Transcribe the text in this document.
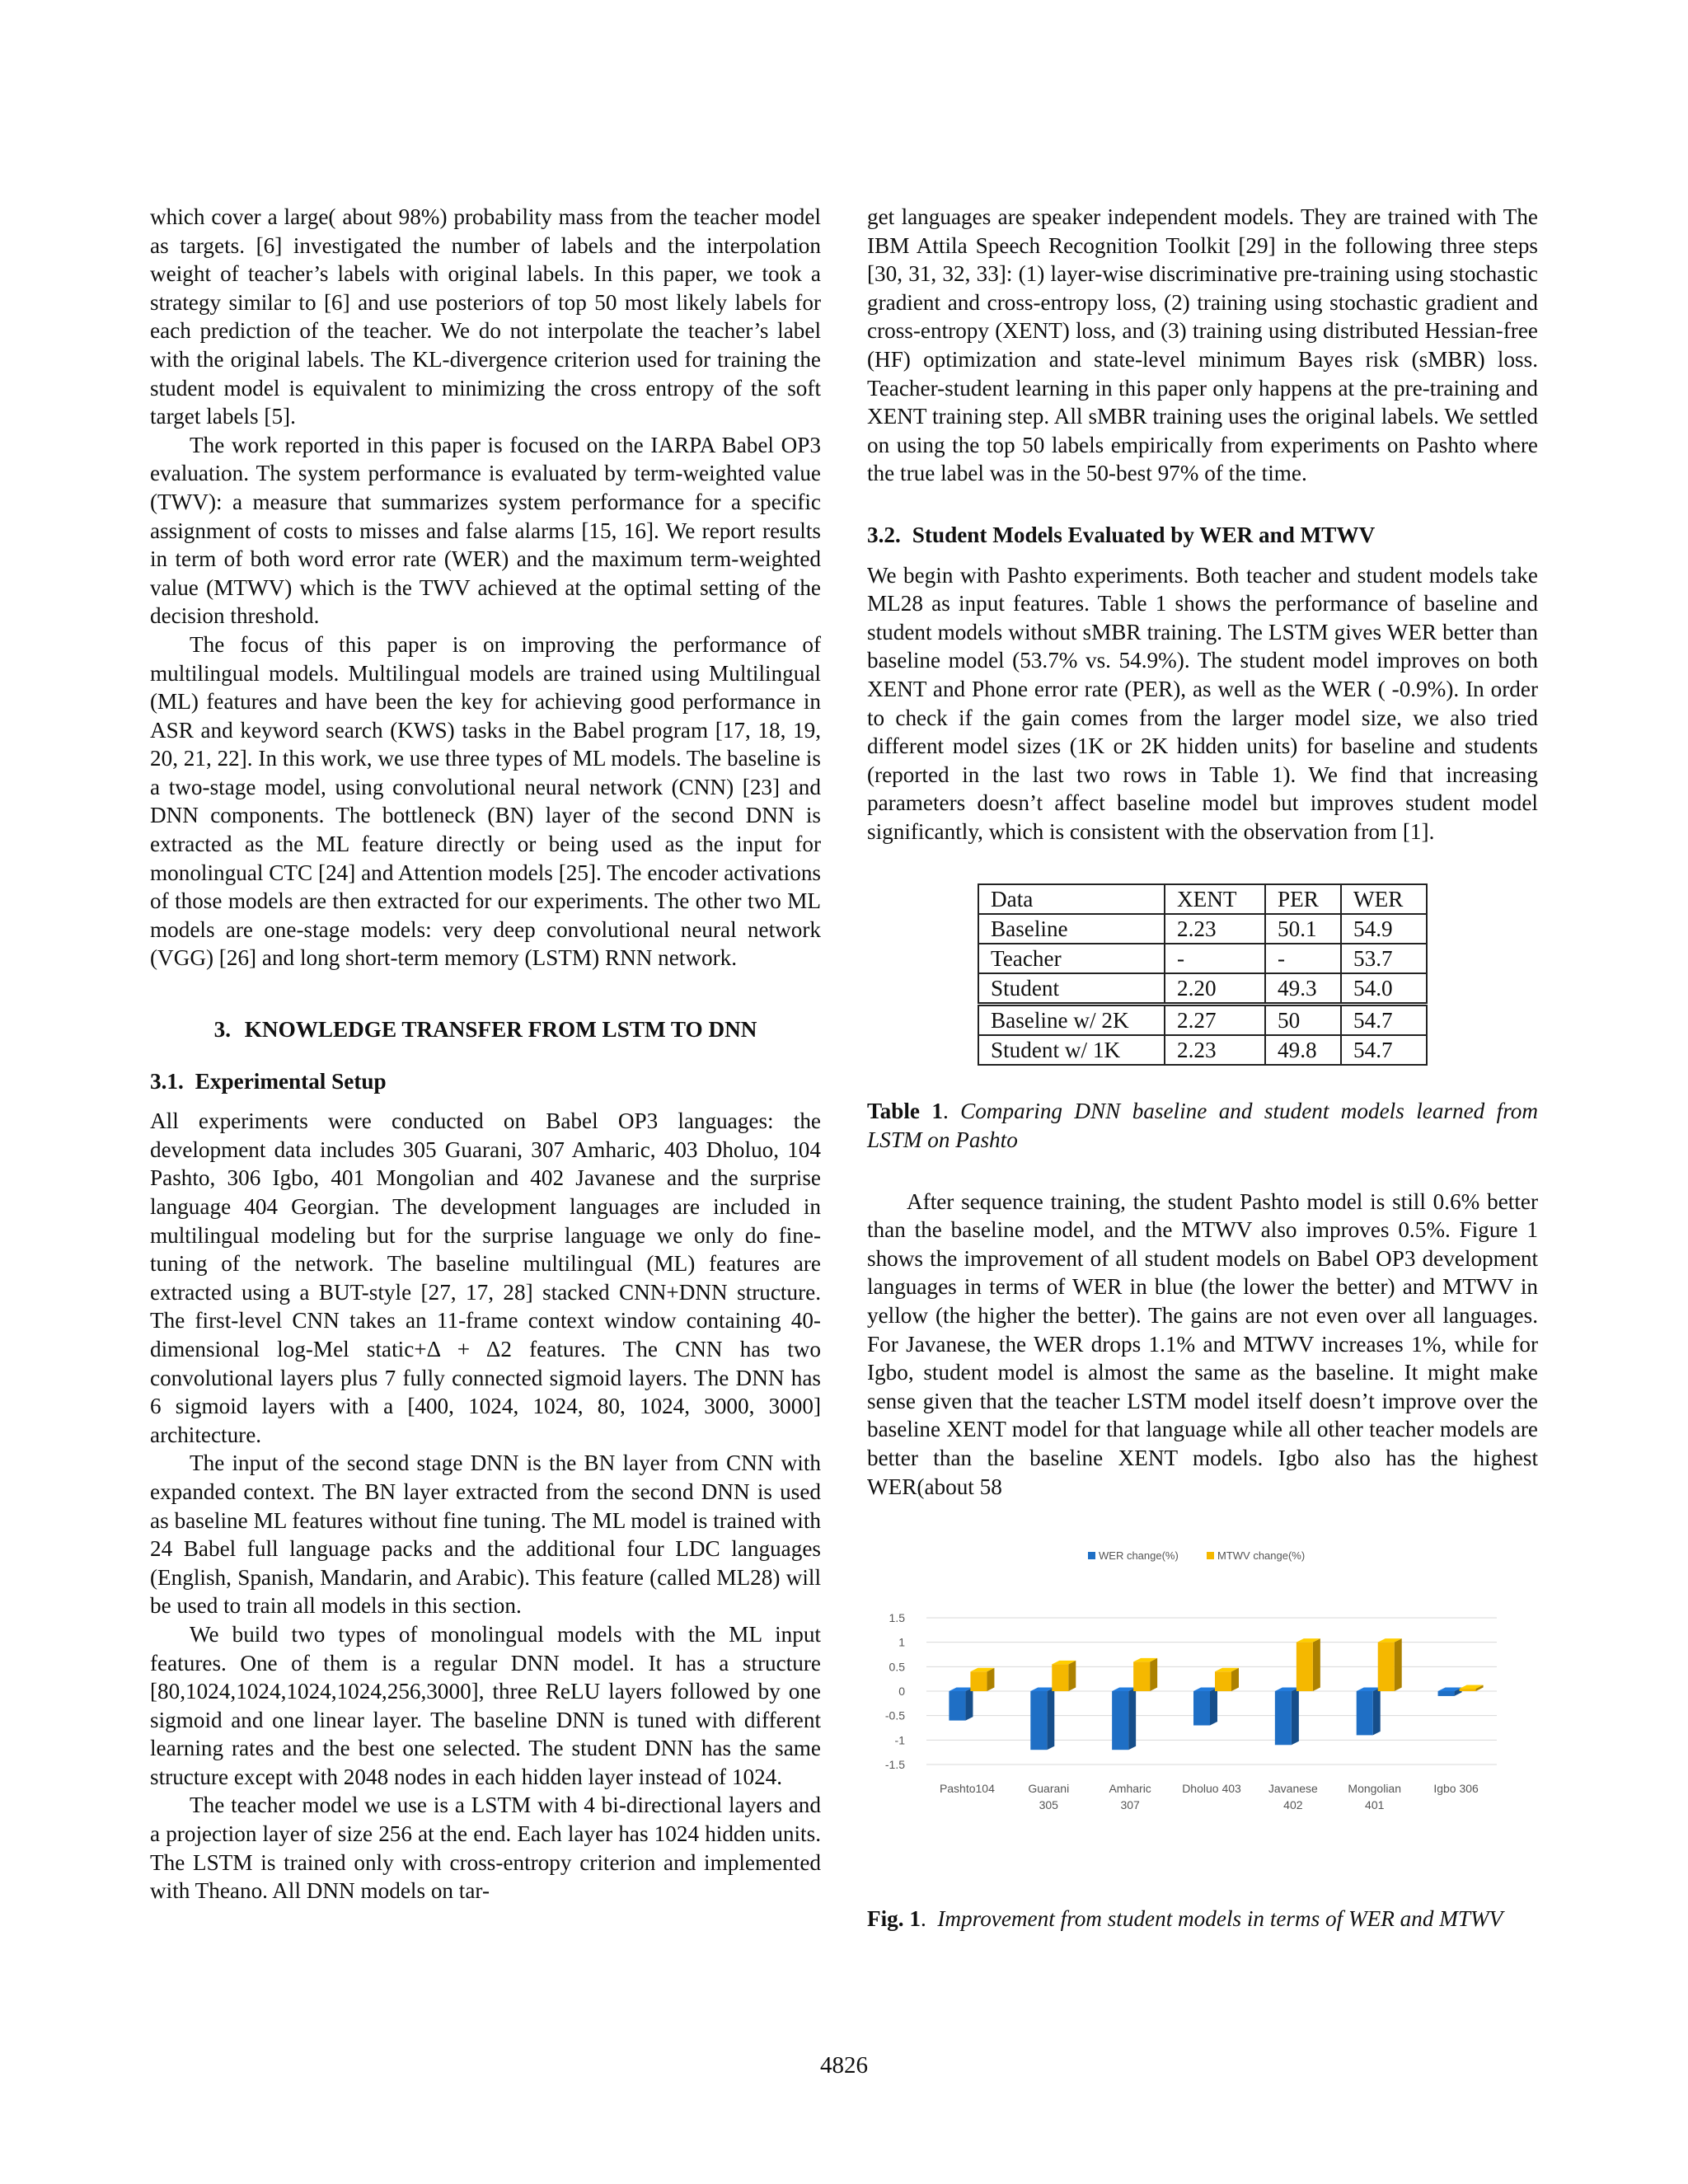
which cover a large( about 98%) probability mass from the teacher model as targets. [6] investigated the number of labels and the interpolation weight of teacher’s labels with original labels. In this paper, we took a strategy similar to [6] and use posteriors of top 50 most likely labels for each prediction of the teacher. We do not interpolate the teacher’s label with the original labels. The KL-divergence criterion used for training the student model is equivalent to minimizing the cross entropy of the soft target labels [5].

The work reported in this paper is focused on the IARPA Babel OP3 evaluation. The system performance is evaluated by term-weighted value (TWV): a measure that summarizes system performance for a specific assignment of costs to misses and false alarms [15, 16]. We report results in term of both word error rate (WER) and the maximum term-weighted value (MTWV) which is the TWV achieved at the optimal setting of the decision threshold.

The focus of this paper is on improving the performance of multilingual models. Multilingual models are trained using Multilingual (ML) features and have been the key for achieving good performance in ASR and keyword search (KWS) tasks in the Babel program [17, 18, 19, 20, 21, 22]. In this work, we use three types of ML models. The baseline is a two-stage model, using convolutional neural network (CNN) [23] and DNN components. The bottleneck (BN) layer of the second DNN is extracted as the ML feature directly or being used as the input for monolingual CTC [24] and Attention models [25]. The encoder activations of those models are then extracted for our experiments. The other two ML models are one-stage models: very deep convolutional neural network (VGG) [26] and long short-term memory (LSTM) RNN network.

3. KNOWLEDGE TRANSFER FROM LSTM TO DNN
3.1. Experimental Setup

All experiments were conducted on Babel OP3 languages: the development data includes 305 Guarani, 307 Amharic, 403 Dholuo, 104 Pashto, 306 Igbo, 401 Mongolian and 402 Javanese and the surprise language 404 Georgian. The development languages are included in multilingual modeling but for the surprise language we only do fine-tuning of the network. The baseline multilingual (ML) features are extracted using a BUT-style [27, 17, 28] stacked CNN+DNN structure. The first-level CNN takes an 11-frame context window containing 40-dimensional log-Mel static+Δ + Δ2 features. The CNN has two convolutional layers plus 7 fully connected sigmoid layers. The DNN has 6 sigmoid layers with a [400, 1024, 1024, 80, 1024, 3000, 3000] architecture.

The input of the second stage DNN is the BN layer from CNN with expanded context. The BN layer extracted from the second DNN is used as baseline ML features without fine tuning. The ML model is trained with 24 Babel full language packs and the additional four LDC languages (English, Spanish, Mandarin, and Arabic). This feature (called ML28) will be used to train all models in this section.

We build two types of monolingual models with the ML input features. One of them is a regular DNN model. It has a structure [80,1024,1024,1024,1024,256,3000], three ReLU layers followed by one sigmoid and one linear layer. The baseline DNN is tuned with different learning rates and the best one selected. The student DNN has the same structure except with 2048 nodes in each hidden layer instead of 1024.

The teacher model we use is a LSTM with 4 bi-directional layers and a projection layer of size 256 at the end. Each layer has 1024 hidden units. The LSTM is trained only with cross-entropy criterion and implemented with Theano. All DNN models on tar-

get languages are speaker independent models. They are trained with The IBM Attila Speech Recognition Toolkit [29] in the following three steps [30, 31, 32, 33]: (1) layer-wise discriminative pre-training using stochastic gradient and cross-entropy loss, (2) training using stochastic gradient and cross-entropy (XENT) loss, and (3) training using distributed Hessian-free (HF) optimization and state-level minimum Bayes risk (sMBR) loss. Teacher-student learning in this paper only happens at the pre-training and XENT training step. All sMBR training uses the original labels. We settled on using the top 50 labels empirically from experiments on Pashto where the true label was in the 50-best 97% of the time.

3.2. Student Models Evaluated by WER and MTWV

We begin with Pashto experiments. Both teacher and student models take ML28 as input features. Table 1 shows the performance of baseline and student models without sMBR training. The LSTM gives WER better than baseline model (53.7% vs. 54.9%). The student model improves on both XENT and Phone error rate (PER), as well as the WER ( -0.9%). In order to check if the gain comes from the larger model size, we also tried different model sizes (1K or 2K hidden units) for baseline and students (reported in the last two rows in Table 1). We find that increasing parameters doesn’t affect baseline model but improves student model significantly, which is consistent with the observation from [1].

Data	XENT	PER	WER
Baseline	2.23	50.1	54.9
Teacher	-	-	53.7
Student	2.20	49.3	54.0
Baseline w/ 2K	2.27	50	54.7
Student w/ 1K	2.23	49.8	54.7
Table 1. Comparing DNN baseline and student models learned from LSTM on Pashto

After sequence training, the student Pashto model is still 0.6% better than the baseline model, and the MTWV also improves 0.5%. Figure 1 shows the improvement of all student models on Babel OP3 development languages in terms of WER in blue (the lower the better) and MTWV in yellow (the higher the better). The gains are not even over all languages. For Javanese, the WER drops 1.1% and MTWV increases 1%, while for Igbo, student model is almost the same as the baseline. It might make sense given that the teacher LSTM model itself doesn’t improve over the baseline XENT model for that language while all other teacher models are better than the baseline XENT models. Igbo also has the highest WER(about 58

WER change(%)	MTWV change(%)
1.5
1
0.5
0
-0.5
-1
-1.5
Pashto104	Guarani
305
Amharic
307
Dholuo 403 Javanese
402
Mongolian
401
Igbo 306
Fig. 1.  Improvement from student models in terms of WER and MTWV
4826
